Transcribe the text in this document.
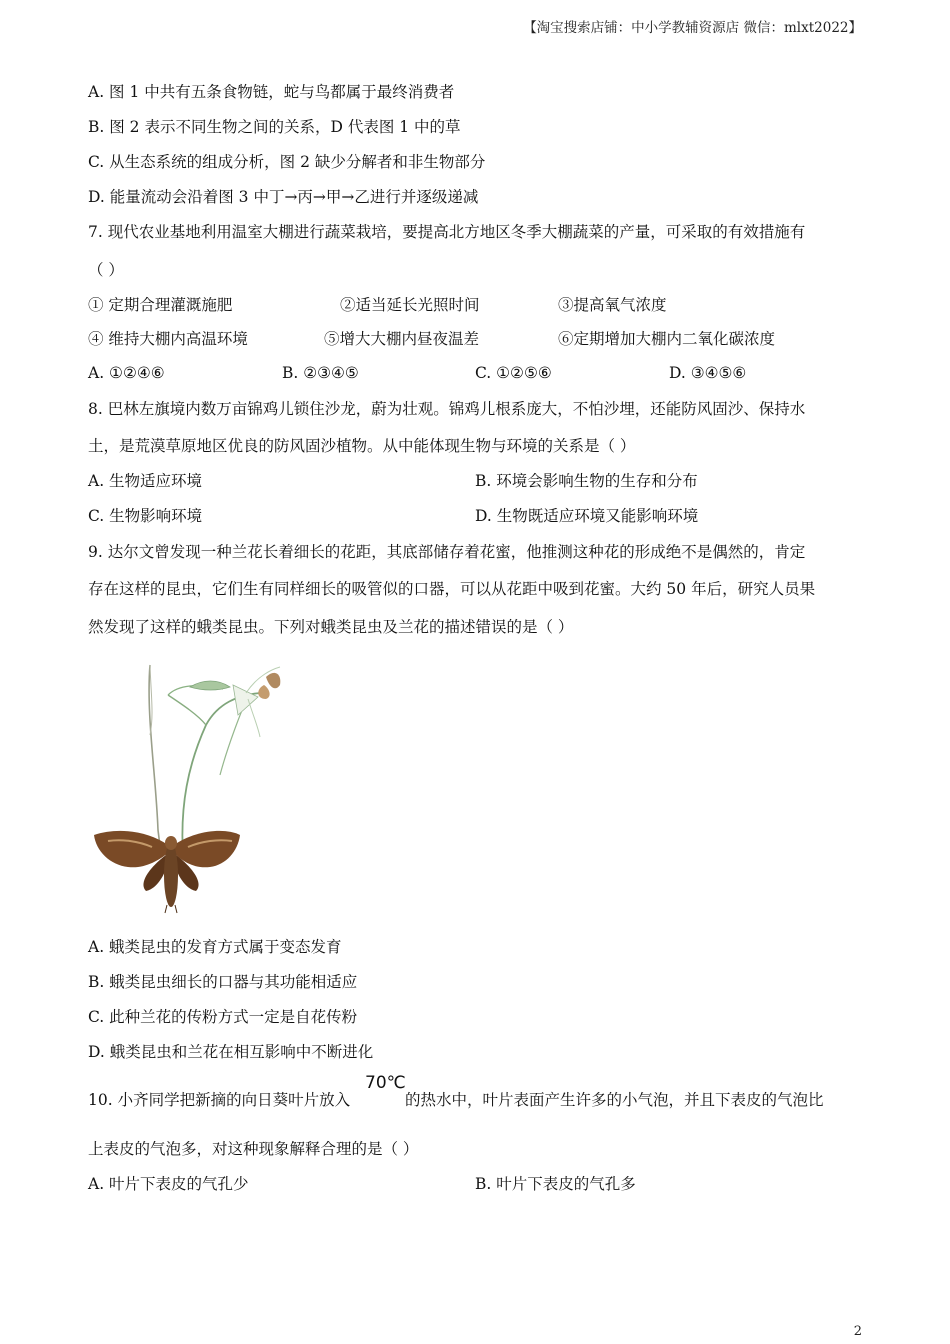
【淘宝搜索店铺：中小学教辅资源店 微信：mlxt2022】
A. 图 1 中共有五条食物链，蛇与鸟都属于最终消费者
B. 图 2 表示不同生物之间的关系，D 代表图 1 中的草
C. 从生态系统的组成分析，图 2 缺少分解者和非生物部分
D. 能量流动会沿着图 3 中丁→丙→甲→乙进行并逐级递减
7. 现代农业基地利用温室大棚进行蔬菜栽培，要提高北方地区冬季大棚蔬菜的产量，可采取的有效措施有
（ ）
① 定期合理灌溉施肥	②适当延长光照时间	③提高氧气浓度
④ 维持大棚内高温环境	⑤增大大棚内昼夜温差	⑥定期增加大棚内二氧化碳浓度
A. ①②④⑥	B. ②③④⑤	C. ①②⑤⑥	D. ③④⑤⑥
8. 巴林左旗境内数万亩锦鸡儿锁住沙龙，蔚为壮观。锦鸡儿根系庞大，不怕沙埋，还能防风固沙、保持水
土，是荒漠草原地区优良的防风固沙植物。从中能体现生物与环境的关系是（ ）
A. 生物适应环境	B. 环境会影响生物的生存和分布
C. 生物影响环境	D. 生物既适应环境又能影响环境
9. 达尔文曾发现一种兰花长着细长的花距，其底部储存着花蜜，他推测这种花的形成绝不是偶然的，肯定
存在这样的昆虫，它们生有同样细长的吸管似的口器，可以从花距中吸到花蜜。大约 50 年后，研究人员果
然发现了这样的蛾类昆虫。下列对蛾类昆虫及兰花的描述错误的是（ ）
A. 蛾类昆虫的发育方式属于变态发育
B. 蛾类昆虫细长的口器与其功能相适应
C. 此种兰花的传粉方式一定是自花传粉
D. 蛾类昆虫和兰花在相互影响中不断进化
70℃
10. 小齐同学把新摘的向日葵叶片放入	的热水中，叶片表面产生许多的小气泡，并且下表皮的气泡比
上表皮的气泡多，对这种现象解释合理的是（ ）
A. 叶片下表皮的气孔少	B. 叶片下表皮的气孔多
2
